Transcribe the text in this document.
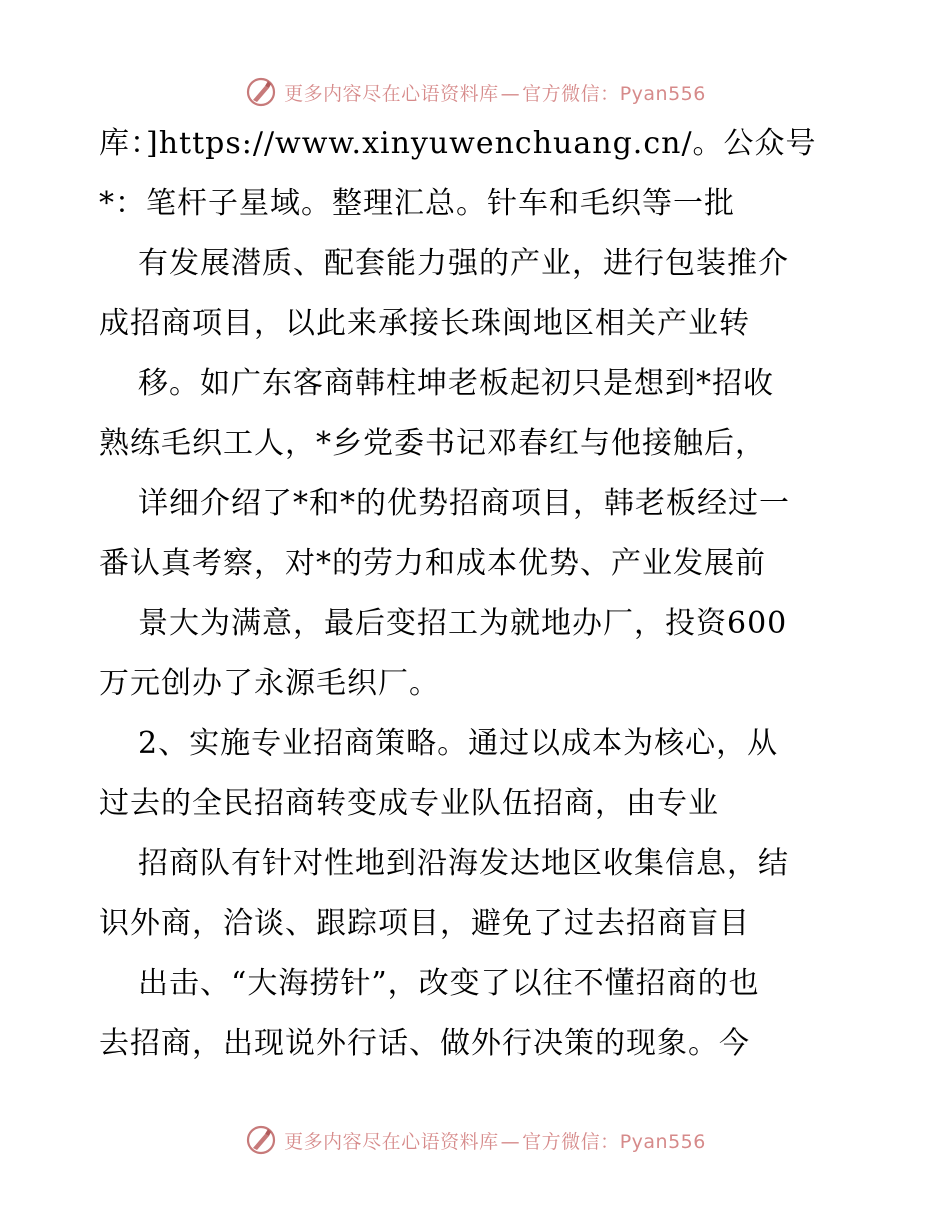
更多内容尽在心语资料库 — 官方微信：Pyan556
库：]https://www.xinyuwenchuang.cn/。公众号
*：笔杆子星域。整理汇总。针车和毛织等一批
有发展潜质、配套能力强的产业，进行包装推介
成招商项目，以此来承接长珠闽地区相关产业转
移。如广东客商韩柱坤老板起初只是想到*招收
熟练毛织工人，*乡党委书记邓春红与他接触后，
详细介绍了*和*的优势招商项目，韩老板经过一
番认真考察，对*的劳力和成本优势、产业发展前
景大为满意，最后变招工为就地办厂，投资600
万元创办了永源毛织厂。
2、实施专业招商策略。通过以成本为核心，从
过去的全民招商转变成专业队伍招商，由专业
招商队有针对性地到沿海发达地区收集信息，结
识外商，洽谈、跟踪项目，避免了过去招商盲目
出击、“大海捞针”，改变了以往不懂招商的也
去招商，出现说外行话、做外行决策的现象。今
更多内容尽在心语资料库 — 官方微信：Pyan556
